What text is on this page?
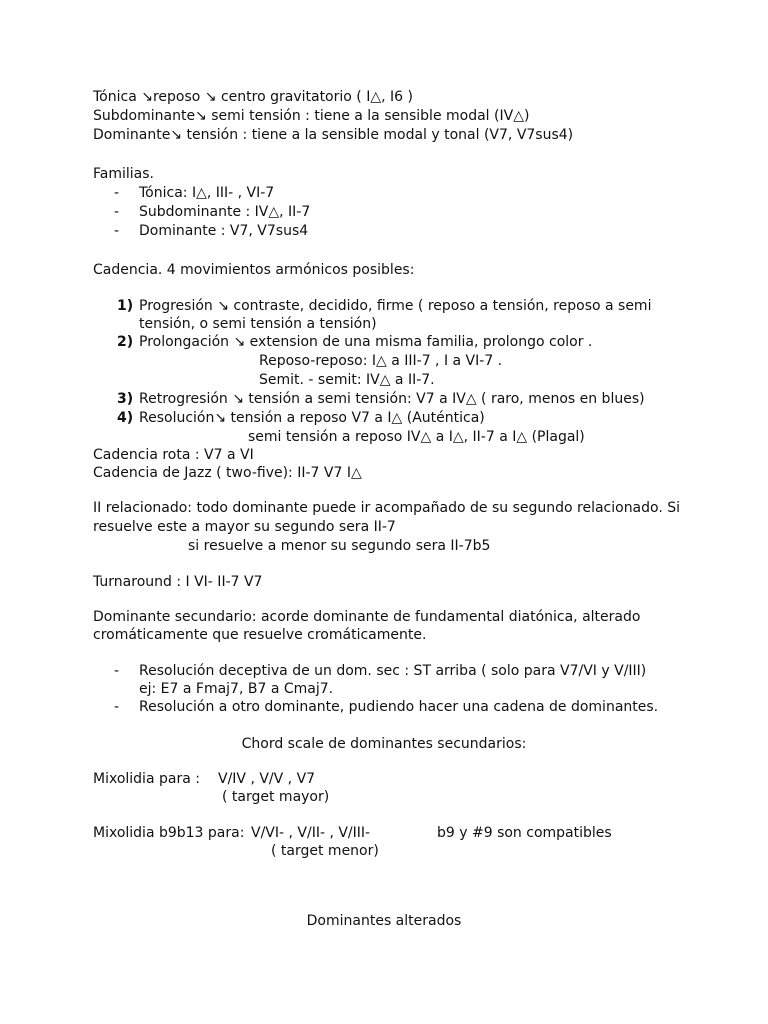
Tónica ↘reposo ↘ centro gravitatorio ( I△, I6 )
Subdominante↘ semi tensión : tiene a la sensible modal (IV△)
Dominante↘ tensión : tiene a la sensible modal y tonal (V7, V7sus4)
Familias.
- Tónica: I△, III- , VI-7
- Subdominante : IV△, II-7
- Dominante : V7, V7sus4
Cadencia. 4 movimientos armónicos posibles:
1) Progresión ↘ contraste, decidido, firme ( reposo a tensión, reposo a semi
tensión, o semi tensión a tensión)
2) Prolongación ↘ extension de una misma familia, prolongo color .
Reposo-reposo: I△ a III-7 , I a VI-7 .
Semit. - semit: IV△ a II-7.
3) Retrogresión ↘ tensión a semi tensión: V7 a IV△ ( raro, menos en blues)
4) Resolución↘ tensión a reposo V7 a I△ (Auténtica)
semi tensión a reposo IV△ a I△, II-7 a I△ (Plagal)
Cadencia rota : V7 a VI
Cadencia de Jazz ( two-five): II-7 V7 I△
II relacionado: todo dominante puede ir acompañado de su segundo relacionado. Si
resuelve este a mayor su segundo sera II-7
si resuelve a menor su segundo sera II-7b5
Turnaround : I VI- II-7 V7
Dominante secundario: acorde dominante de fundamental diatónica, alterado
cromáticamente que resuelve cromáticamente.
- Resolución deceptiva de un dom. sec : ST arriba ( solo para V7/VI y V/III)
ej: E7 a Fmaj7, B7 a Cmaj7.
- Resolución a otro dominante, pudiendo hacer una cadena de dominantes.
Chord scale de dominantes secundarios:
Mixolidia para : V/IV , V/V , V7
( target mayor)
Mixolidia b9b13 para: V/VI- , V/II- , V/III-	b9 y #9 son compatibles
( target menor)
Dominantes alterados
